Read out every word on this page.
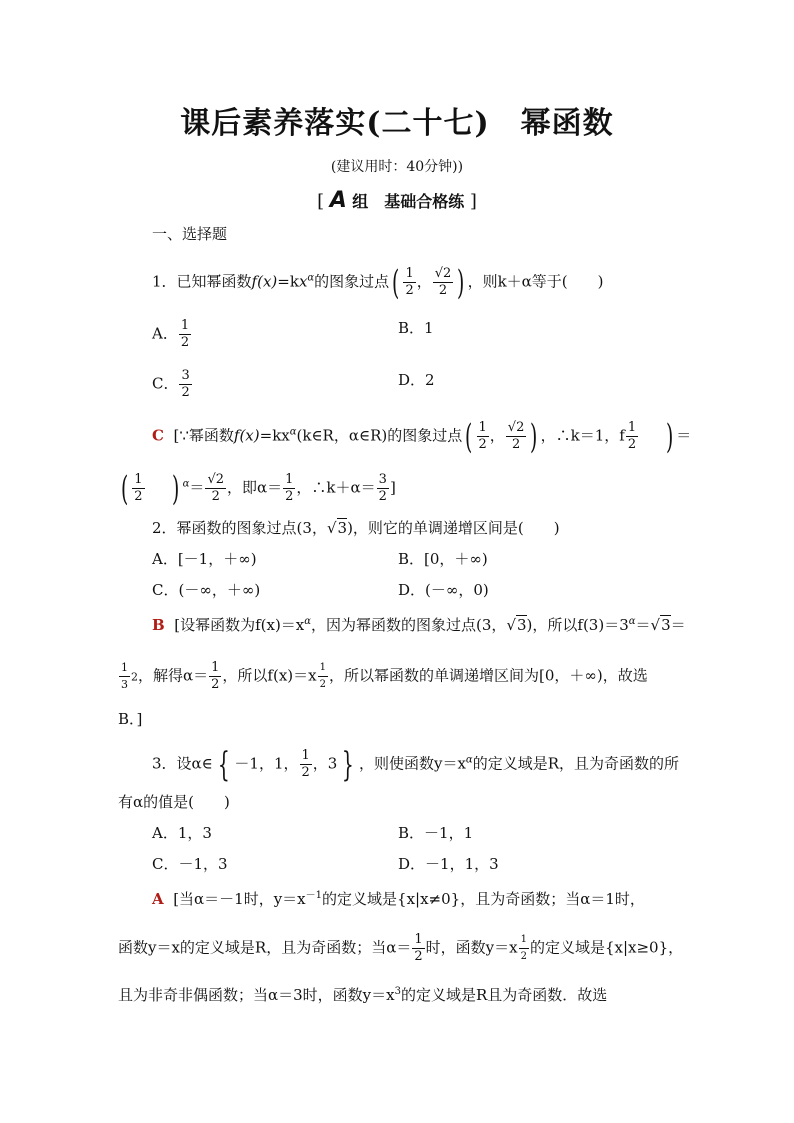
课后素养落实(二十七)　幂函数
(建议用时：40分钟))
[ A 组　基础合格练 ]
一、选择题
1．已知幂函数$f(x)=kx^\alpha$的图象过点( $\frac{1}{2}$ ， $\frac{√2}{2}$ ) ，则k＋α等于(　　)
A． $\frac{1}{2}$	B．1
C． $\frac{3}{2}$	D．2
C [∵幂函数$f(x)=kx^\alpha(k\in R$，α∈R)的图象过点( $\frac{1}{2}$ ， $\frac{√2}{2}$ ) ，∴k＝1，f $\frac{1}{2}$ ) ＝
( $\frac{1}{2}$ ) $^\alpha= \frac{√2}{2}$ ，即$\alpha= \frac{1}{2}$ ，∴k＋α＝ $\frac{3}{2}$ ]
2．幂函数的图象过点(3，√3)，则它的单调递增区间是(　　)
A．[－1，＋∞)	B．[0，＋∞)
C．(－∞，＋∞)	D．(－∞，0)
B [设幂函数为$f(x)=x^\alpha$，因为幂函数的图象过点(3，√3)，所以$f(3)=3^\alpha=√3=$
$\frac{1}{3} 2$，解得$\alpha= \frac{1}{2}$ ，所以$f(x)=x \frac{1}{2}$ ，所以幂函数的单调递增区间为[0，＋∞)，故选
B．]
3．设α∈ { －1，1， $\frac{1}{2}$ ，3 } ，则使函数$y=x^\alpha$的定义域是R，且为奇函数的所
有α的值是(　　)
A．1，3	B．－1，1
C．－1，3	D．－1，1，3
A [当α＝－1时，$y=x^{-1}$的定义域是{x|x≠0}，且为奇函数；当α＝1时，
函数y＝x的定义域是R，且为奇函数；当$\alpha= \frac{1}{2}$ 时，函数$y=x \frac{1}{2}$ 的定义域是{x|x≥0}，
且为非奇非偶函数；当α＝3时，函数$y=x^3$的定义域是R且为奇函数．故选
